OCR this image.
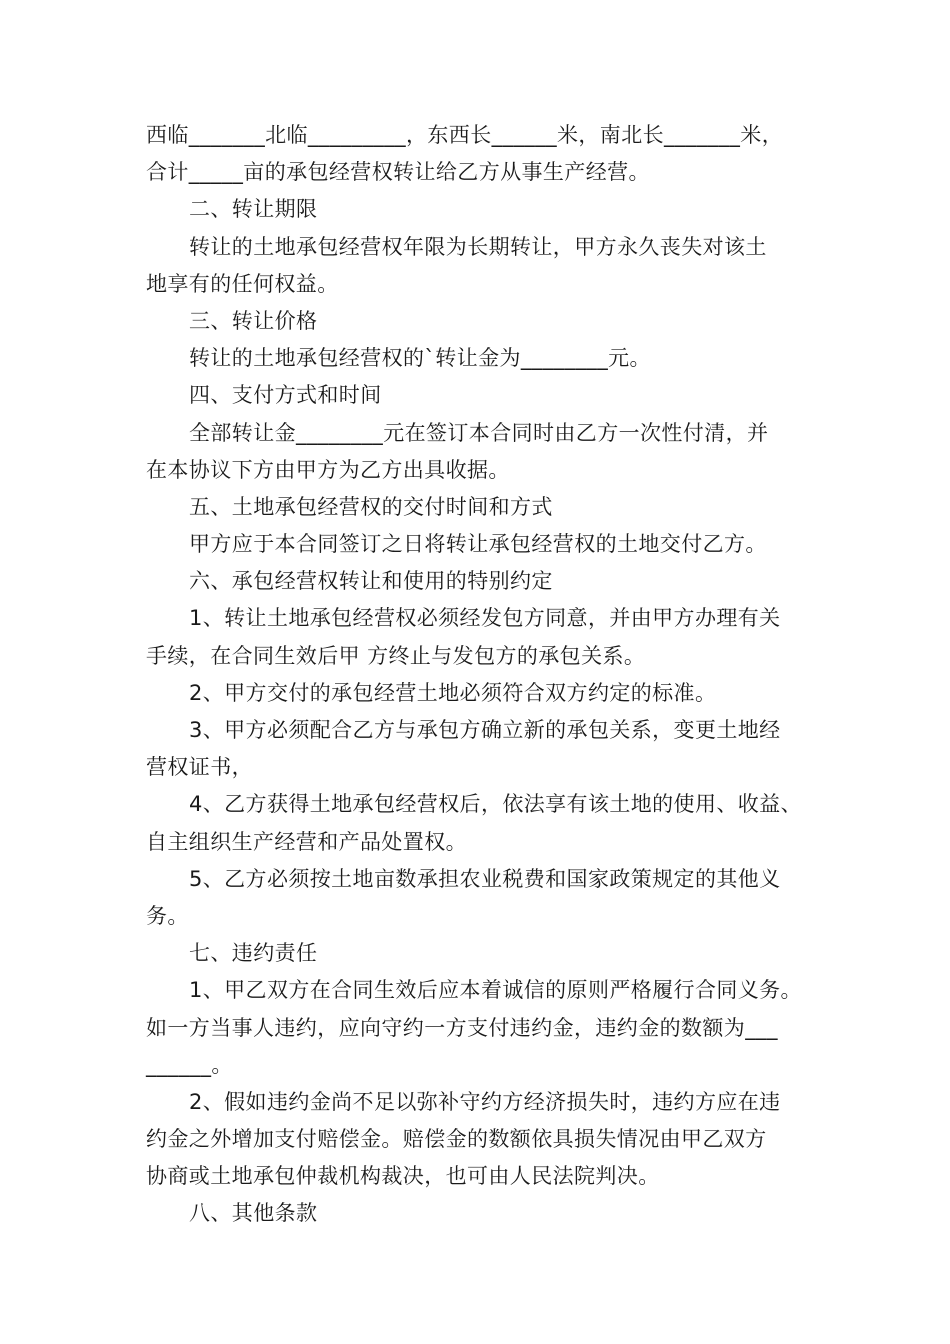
西临_______北临_________，东西长______米，南北长_______米，
合计_____亩的承包经营权转让给乙方从事生产经营。
二、转让期限
转让的土地承包经营权年限为长期转让，甲方永久丧失对该土
地享有的任何权益。
三、转让价格
转让的土地承包经营权的`转让金为________元。
四、支付方式和时间
全部转让金________元在签订本合同时由乙方一次性付清，并
在本协议下方由甲方为乙方出具收据。
五、土地承包经营权的交付时间和方式
甲方应于本合同签订之日将转让承包经营权的土地交付乙方。
六、承包经营权转让和使用的特别约定
1、转让土地承包经营权必须经发包方同意，并由甲方办理有关
手续，在合同生效后甲 方终止与发包方的承包关系。
2、甲方交付的承包经营土地必须符合双方约定的标准。
3、甲方必须配合乙方与承包方确立新的承包关系，变更土地经
营权证书，
4、乙方获得土地承包经营权后，依法享有该土地的使用、收益、
自主组织生产经营和产品处置权。
5、乙方必须按土地亩数承担农业税费和国家政策规定的其他义
务。
七、违约责任
1、甲乙双方在合同生效后应本着诚信的原则严格履行合同义务。
如一方当事人违约，应向守约一方支付违约金，违约金的数额为___
______。
2、假如违约金尚不足以弥补守约方经济损失时，违约方应在违
约金之外增加支付赔偿金。赔偿金的数额依具损失情况由甲乙双方
协商或土地承包仲裁机构裁决，也可由人民法院判决。
八、其他条款
